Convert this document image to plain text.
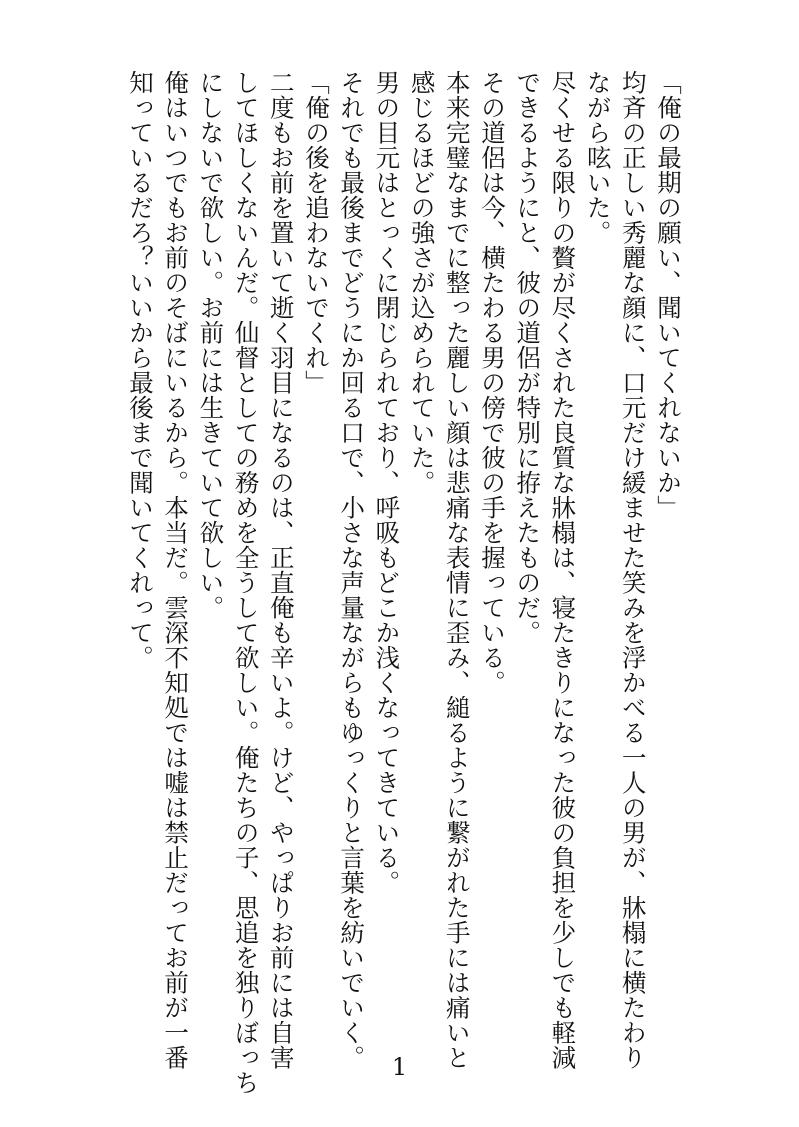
「俺の最期の願い、聞いてくれないか」
均斉の正しい秀麗な顔に、口元だけ緩ませた笑みを浮かべる一人の男が、牀榻に横たわり
ながら呟いた。
尽くせる限りの贅が尽くされた良質な牀榻は、寝たきりになった彼の負担を少しでも軽減
できるようにと、彼の道侶が特別に拵えたものだ。
その道侶は今、横たわる男の傍で彼の手を握っている。
本来完璧なまでに整った麗しい顔は悲痛な表情に歪み、縋るように繋がれた手には痛いと
感じるほどの強さが込められていた。
男の目元はとっくに閉じられており、呼吸もどこか浅くなってきている。
それでも最後までどうにか回る口で、小さな声量ながらもゆっくりと言葉を紡いでいく。
「俺の後を追わないでくれ」
二度もお前を置いて逝く羽目になるのは、正直俺も辛いよ。けど、やっぱりお前には自害
してほしくないんだ。仙督としての務めを全うして欲しい。俺たちの子、思追を独りぼっち
にしないで欲しい。お前には生きていて欲しい。
俺はいつでもお前のそばにいるから。本当だ。雲深不知処では嘘は禁止だってお前が一番
知っているだろ？いいから最後まで聞いてくれって。
1
